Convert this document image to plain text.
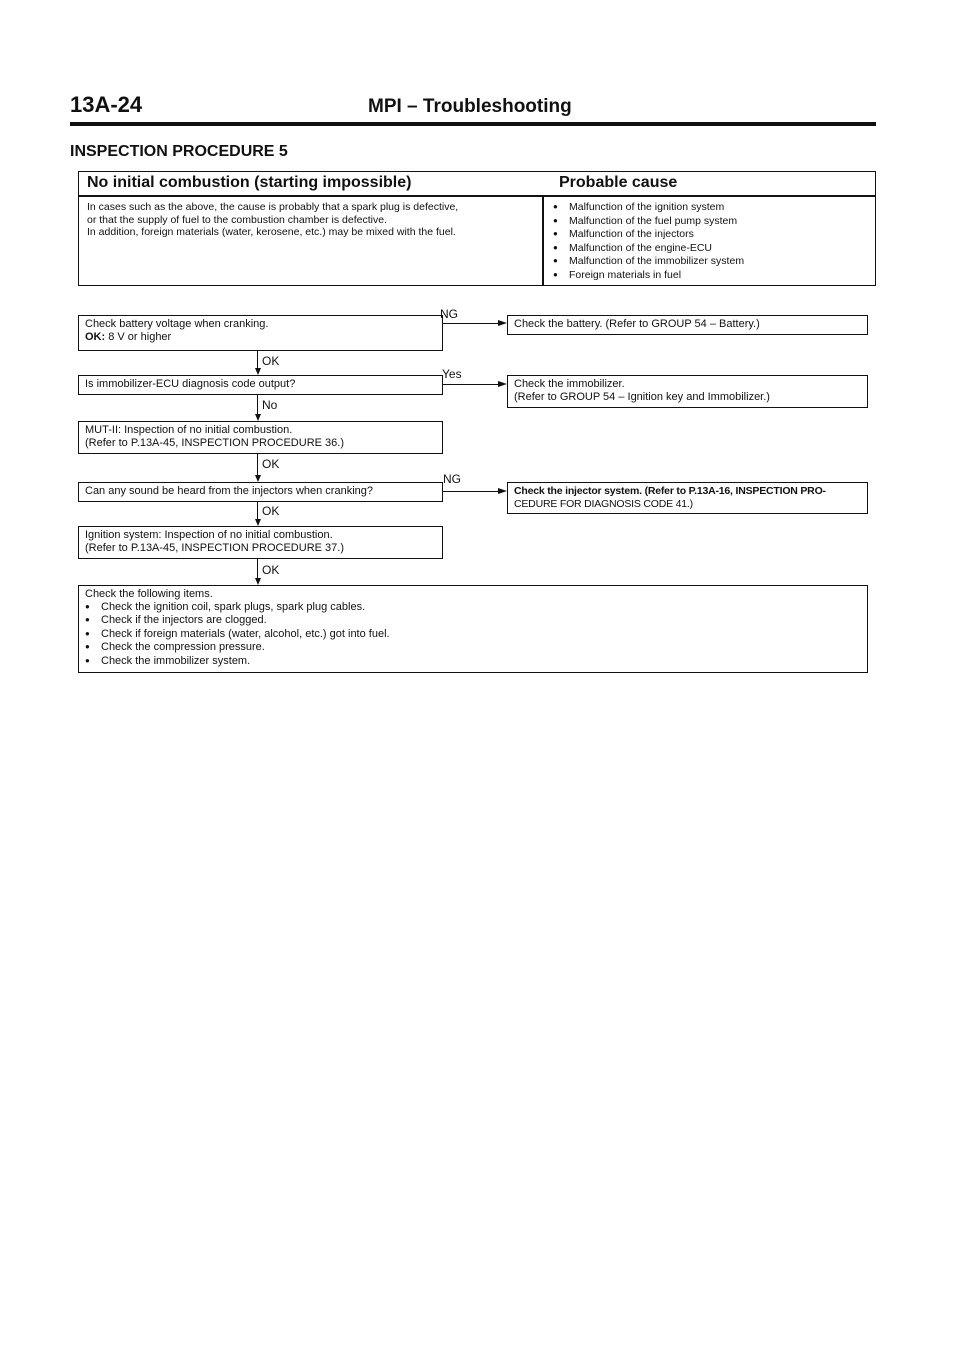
13A-24	MPI – Troubleshooting
INSPECTION PROCEDURE 5
No initial combustion (starting impossible)	Probable cause
In cases such as the above, the cause is probably that a spark plug is defective,
or that the supply of fuel to the combustion chamber is defective.
In addition, foreign materials (water, kerosene, etc.) may be mixed with the fuel.
● Malfunction of the ignition system
● Malfunction of the fuel pump system
● Malfunction of the injectors
● Malfunction of the engine-ECU
● Malfunction of the immobilizer system
● Foreign materials in fuel
Check battery voltage when cranking.
OK: 8 V or higher
NG
Check the battery. (Refer to GROUP 54 – Battery.)
OK
Is immobilizer-ECU diagnosis code output?
Yes
Check the immobilizer.
(Refer to GROUP 54 – Ignition key and Immobilizer.)
No
MUT-II: Inspection of no initial combustion.
(Refer to P.13A-45, INSPECTION PROCEDURE 36.)
OK
Can any sound be heard from the injectors when cranking?
NG
Check the injector system. (Refer to P.13A-16, INSPECTION PRO-
CEDURE FOR DIAGNOSIS CODE 41.)
OK
Ignition system: Inspection of no initial combustion.
(Refer to P.13A-45, INSPECTION PROCEDURE 37.)
OK
Check the following items.
● Check the ignition coil, spark plugs, spark plug cables.
● Check if the injectors are clogged.
● Check if foreign materials (water, alcohol, etc.) got into fuel.
● Check the compression pressure.
● Check the immobilizer system.
